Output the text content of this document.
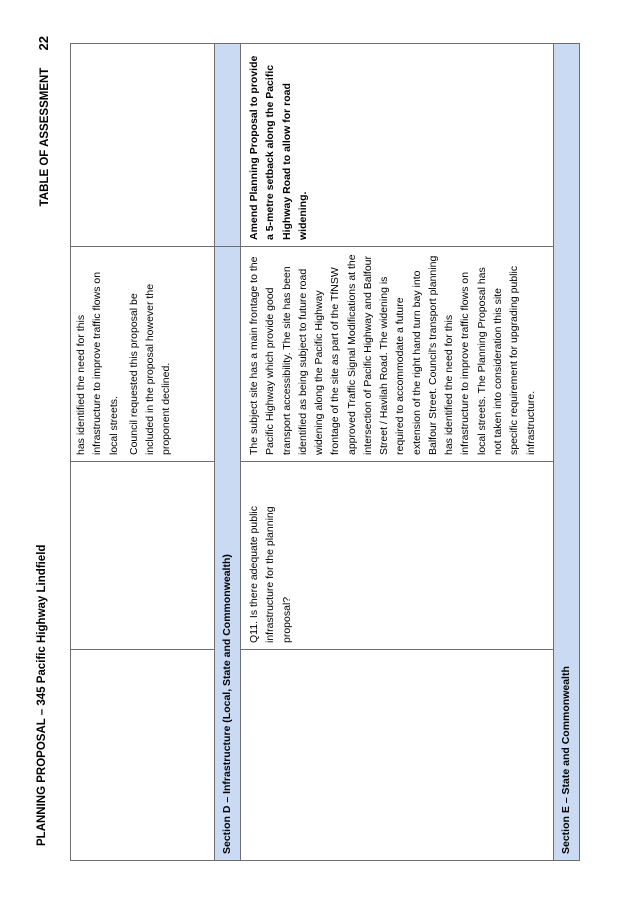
PLANNING PROPOSAL – 345 Pacific Highway Lindfield
TABLE OF ASSESSMENT 22

		has identified the need for this infrastructure to improve traffic flows on local streets. Council requested this proposal be included in the proposal however the proponent declined.	

Section D – Infrastructure (Local, State and Commonwealth)			
	Q11. Is there adequate public infrastructure for the planning proposal?	The subject site has a main frontage to the Pacific Highway which provide good transport accessibility. The site has been identified as being subject to future road widening along the Pacific Highway frontage of the site as part of the TfNSW approved Traffic Signal Modifications at the intersection of Pacific Highway and Balfour Street / Havilah Road. The widening is required to accommodate a future extension of the right hand turn bay into Balfour Street. Council's transport planning has identified the need for this infrastructure to improve traffic flows on local streets. The Planning Proposal has not taken into consideration this site specific requirement for upgrading public infrastructure.	Amend Planning Proposal to provide a 5-metre setback along the Pacific Highway Road to allow for road widening.
Section E – State and Commonwealth			
